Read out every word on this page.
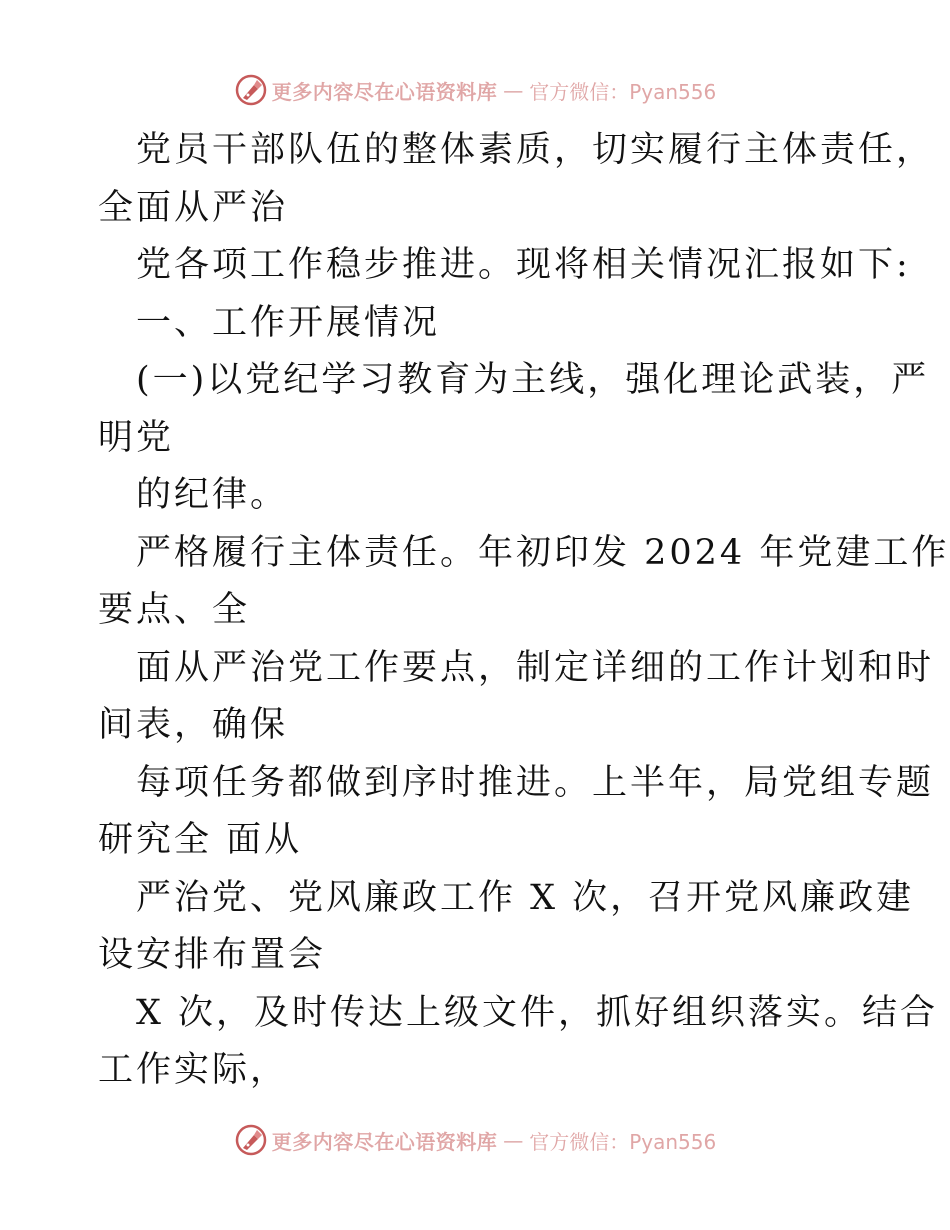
更多内容尽在心语资料库 — 官方微信：Pyan556

党员干部队伍的整体素质，切实履行主体责任，

全面从严治

党各项工作稳步推进。现将相关情况汇报如下:

一、工作开展情况

(一)以党纪学习教育为主线，强化理论武装，严

明党

的纪律。

严格履行主体责任。年初印发 2024 年党建工作

要点、全

面从严治党工作要点，制定详细的工作计划和时

间表，确保

每项任务都做到序时推进。上半年，局党组专题

研究全 面从

严治党、党风廉政工作 X 次，召开党风廉政建

设安排布置会

X 次，及时传达上级文件，抓好组织落实。结合

工作实际，

更多内容尽在心语资料库 — 官方微信：Pyan556
